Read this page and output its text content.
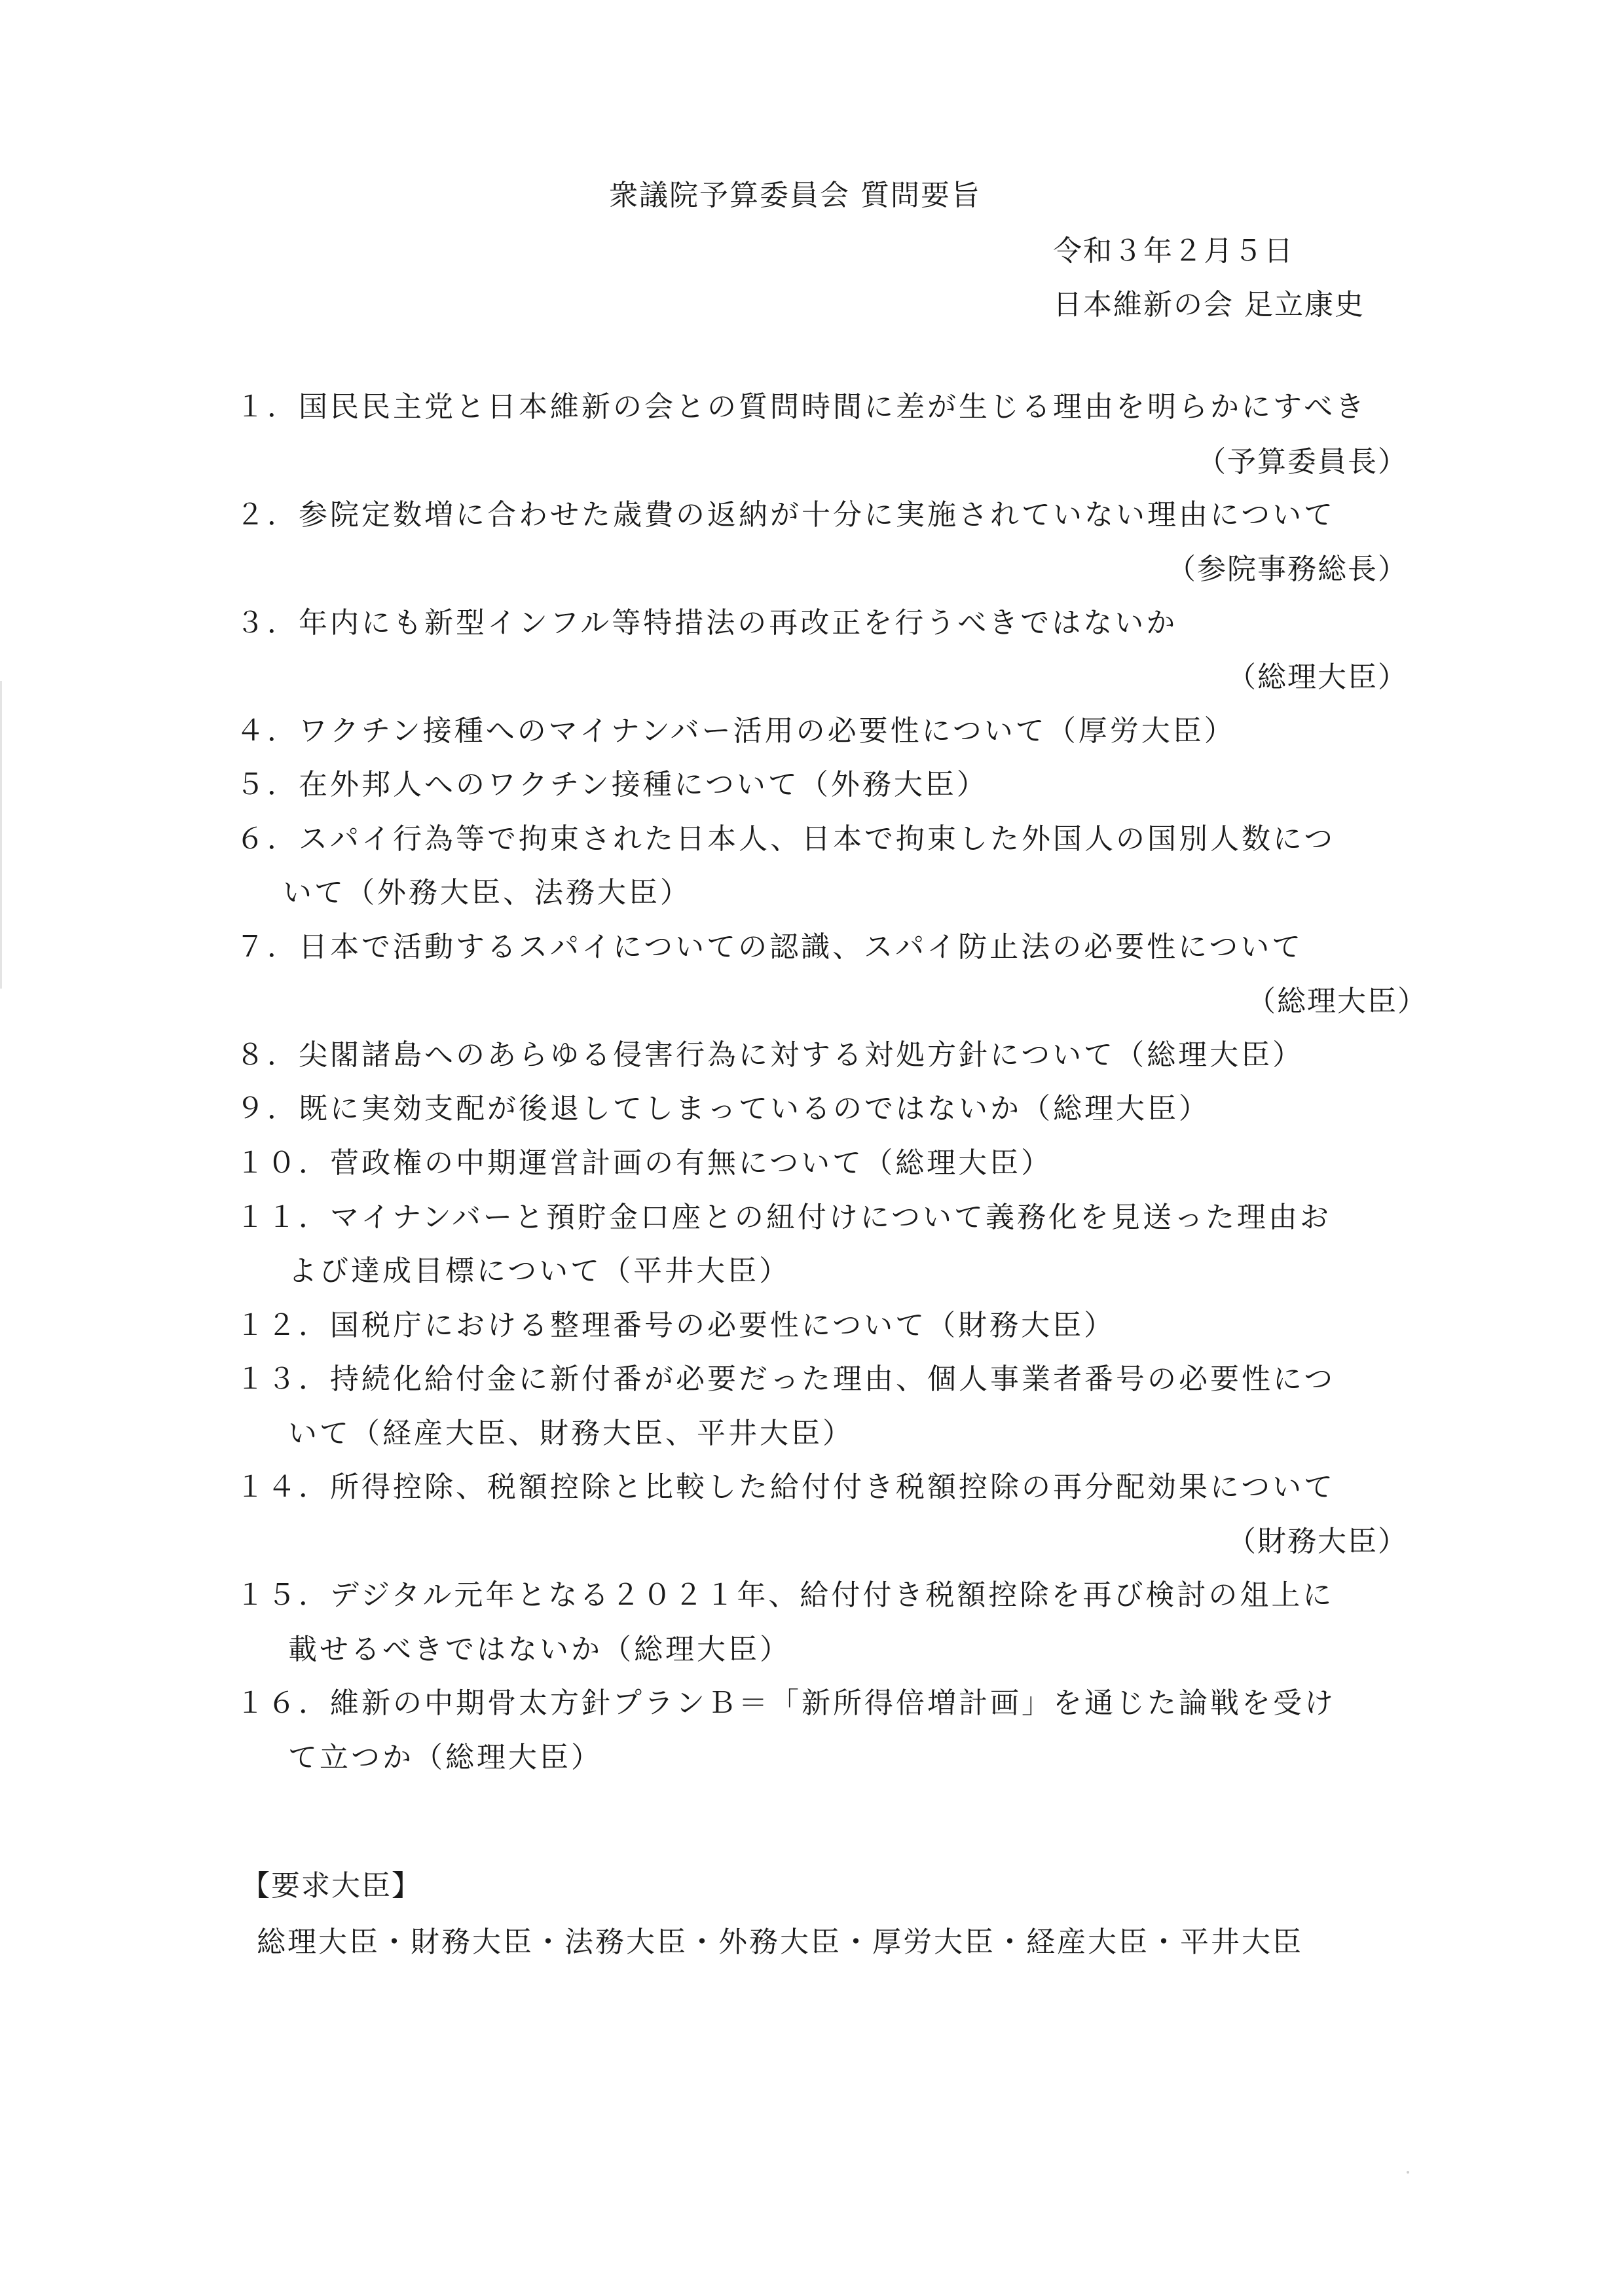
衆議院予算委員会 質問要旨
令和３年２月５日
日本維新の会 足立康史
１．国民民主党と日本維新の会との質問時間に差が生じる理由を明らかにすべき
（予算委員長）
２．参院定数増に合わせた歳費の返納が十分に実施されていない理由について
（参院事務総長）
３．年内にも新型インフル等特措法の再改正を行うべきではないか
（総理大臣）
４．ワクチン接種へのマイナンバー活用の必要性について（厚労大臣）
５．在外邦人へのワクチン接種について（外務大臣）
６．スパイ行為等で拘束された日本人、日本で拘束した外国人の国別人数につ
いて（外務大臣、法務大臣）
７．日本で活動するスパイについての認識、スパイ防止法の必要性について
（総理大臣）
８．尖閣諸島へのあらゆる侵害行為に対する対処方針について（総理大臣）
９．既に実効支配が後退してしまっているのではないか（総理大臣）
１０．菅政権の中期運営計画の有無について（総理大臣）
１１．マイナンバーと預貯金口座との紐付けについて義務化を見送った理由お
よび達成目標について（平井大臣）
１２．国税庁における整理番号の必要性について（財務大臣）
１３．持続化給付金に新付番が必要だった理由、個人事業者番号の必要性につ
いて（経産大臣、財務大臣、平井大臣）
１４．所得控除、税額控除と比較した給付付き税額控除の再分配効果について
（財務大臣）
１５．デジタル元年となる２０２１年、給付付き税額控除を再び検討の俎上に
載せるべきではないか（総理大臣）
１６．維新の中期骨太方針プランＢ＝「新所得倍増計画」を通じた論戦を受け
て立つか（総理大臣）
【要求大臣】
総理大臣・財務大臣・法務大臣・外務大臣・厚労大臣・経産大臣・平井大臣
